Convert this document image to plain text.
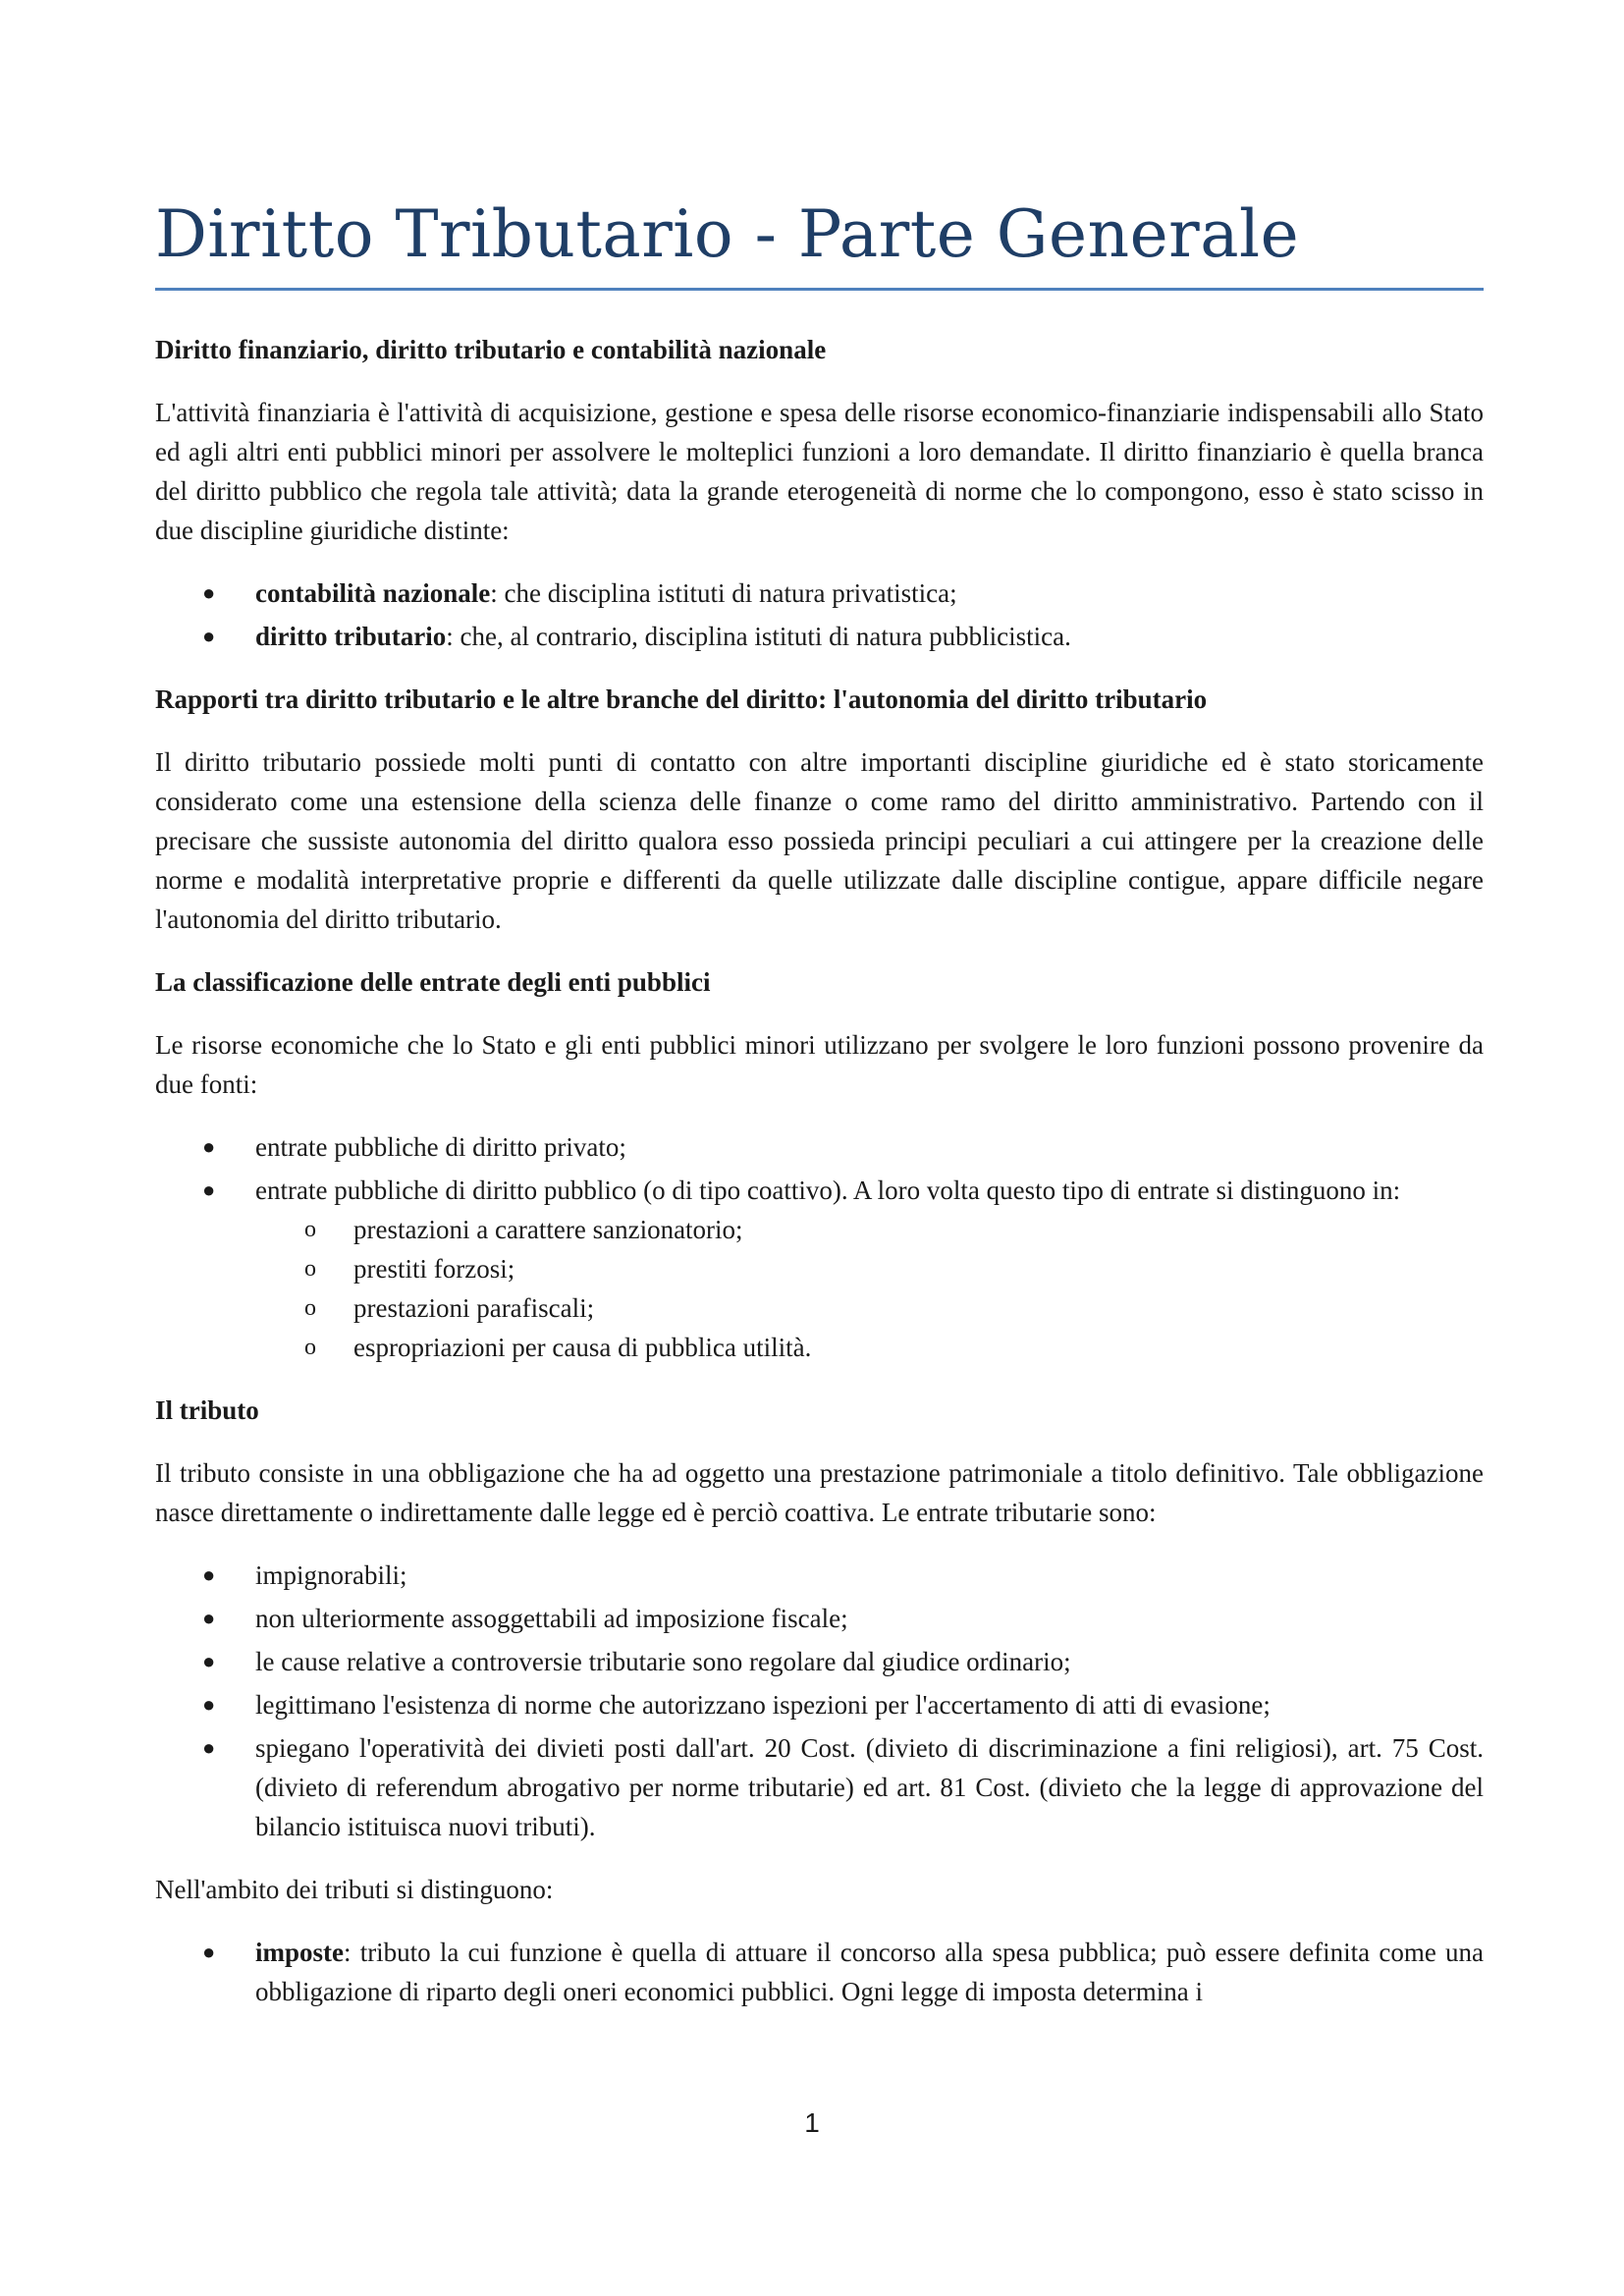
Diritto Tributario - Parte Generale
Diritto finanziario, diritto tributario e contabilità nazionale

L'attività finanziaria è l'attività di acquisizione, gestione e spesa delle risorse economico-finanziarie indispensabili allo Stato ed agli altri enti pubblici minori per assolvere le molteplici funzioni a loro demandate. Il diritto finanziario è quella branca del diritto pubblico che regola tale attività; data la grande eterogeneità di norme che lo compongono, esso è stato scisso in due discipline giuridiche distinte:

● contabilità nazionale: che disciplina istituti di natura privatistica;
● diritto tributario: che, al contrario, disciplina istituti di natura pubblicistica.
Rapporti tra diritto tributario e le altre branche del diritto: l'autonomia del diritto tributario

Il diritto tributario possiede molti punti di contatto con altre importanti discipline giuridiche ed è stato storicamente considerato come una estensione della scienza delle finanze o come ramo del diritto amministrativo. Partendo con il precisare che sussiste autonomia del diritto qualora esso possieda principi peculiari a cui attingere per la creazione delle norme e modalità interpretative proprie e differenti da quelle utilizzate dalle discipline contigue, appare difficile negare l'autonomia del diritto tributario.

La classificazione delle entrate degli enti pubblici

Le risorse economiche che lo Stato e gli enti pubblici minori utilizzano per svolgere le loro funzioni possono provenire da due fonti:

● entrate pubbliche di diritto privato;
● entrate pubbliche di diritto pubblico (o di tipo coattivo). A loro volta questo tipo di entrate si distinguono in:
o prestazioni a carattere sanzionatorio;
o prestiti forzosi;
o prestazioni parafiscali;
o espropriazioni per causa di pubblica utilità.
Il tributo

Il tributo consiste in una obbligazione che ha ad oggetto una prestazione patrimoniale a titolo definitivo. Tale obbligazione nasce direttamente o indirettamente dalle legge ed è perciò coattiva. Le entrate tributarie sono:

● impignorabili;
● non ulteriormente assoggettabili ad imposizione fiscale;
● le cause relative a controversie tributarie sono regolare dal giudice ordinario;
● legittimano l'esistenza di norme che autorizzano ispezioni per l'accertamento di atti di evasione;
● spiegano l'operatività dei divieti posti dall'art. 20 Cost. (divieto di discriminazione a fini religiosi), art. 75 Cost. (divieto di referendum abrogativo per norme tributarie) ed art. 81 Cost. (divieto che la legge di approvazione del bilancio istituisca nuovi tributi).

Nell'ambito dei tributi si distinguono:

● imposte: tributo la cui funzione è quella di attuare il concorso alla spesa pubblica; può essere definita come una obbligazione di riparto degli oneri economici pubblici. Ogni legge di imposta determina i
1
